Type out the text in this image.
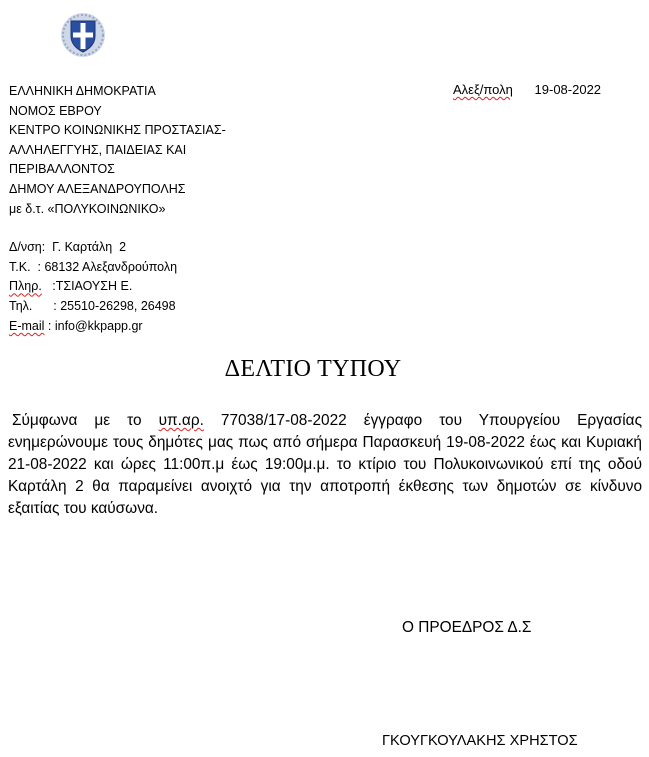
ΕΛΛΗΝΙΚΗ ΔΗΜΟΚΡΑΤΙΑ
ΝΟΜΟΣ ΕΒΡΟΥ
ΚΕΝΤΡΟ ΚΟΙΝΩΝΙΚΗΣ ΠΡΟΣΤΑΣΙΑΣ-
ΑΛΛΗΛΕΓΓΥΗΣ, ΠΑΙΔΕΙΑΣ ΚΑΙ
ΠΕΡΙΒΑΛΛΟΝΤΟΣ
ΔΗΜΟΥ ΑΛΕΞΑΝΔΡΟΥΠΟΛΗΣ
με δ.τ. «ΠΟΛΥΚΟΙΝΩΝΙΚΟ»
Αλεξ/πολη 19-08-2022
Δ/νση:  Γ. Καρτάλη  2
Τ.Κ.  : 68132 Αλεξανδρούπολη
Πληρ.   :ΤΣΙΑΟΥΣΗ Ε.
Τηλ.      : 25510-26298, 26498
E-mail : info@kkpapp.gr
ΔΕΛΤΙΟ ΤΥΠΟΥ

Σύμφωνα με το υπ.αρ. 77038/17-08-2022 έγγραφο του Υπουργείου Εργασίας ενημερώνουμε τους δημότες μας πως από σήμερα Παρασκευή 19-08-2022 έως και Κυριακή 21-08-2022 και ώρες 11:00π.μ έως 19:00μ.μ. το κτίριο του Πολυκοινωνικού επί της οδού Καρτάλη 2 θα παραμείνει ανοιχτό για την αποτροπή έκθεσης των δημοτών σε κίνδυνο εξαιτίας του καύσωνα.

Ο ΠΡΟΕΔΡΟΣ Δ.Σ
ΓΚΟΥΓΚΟΥΛΑΚΗΣ ΧΡΗΣΤΟΣ
